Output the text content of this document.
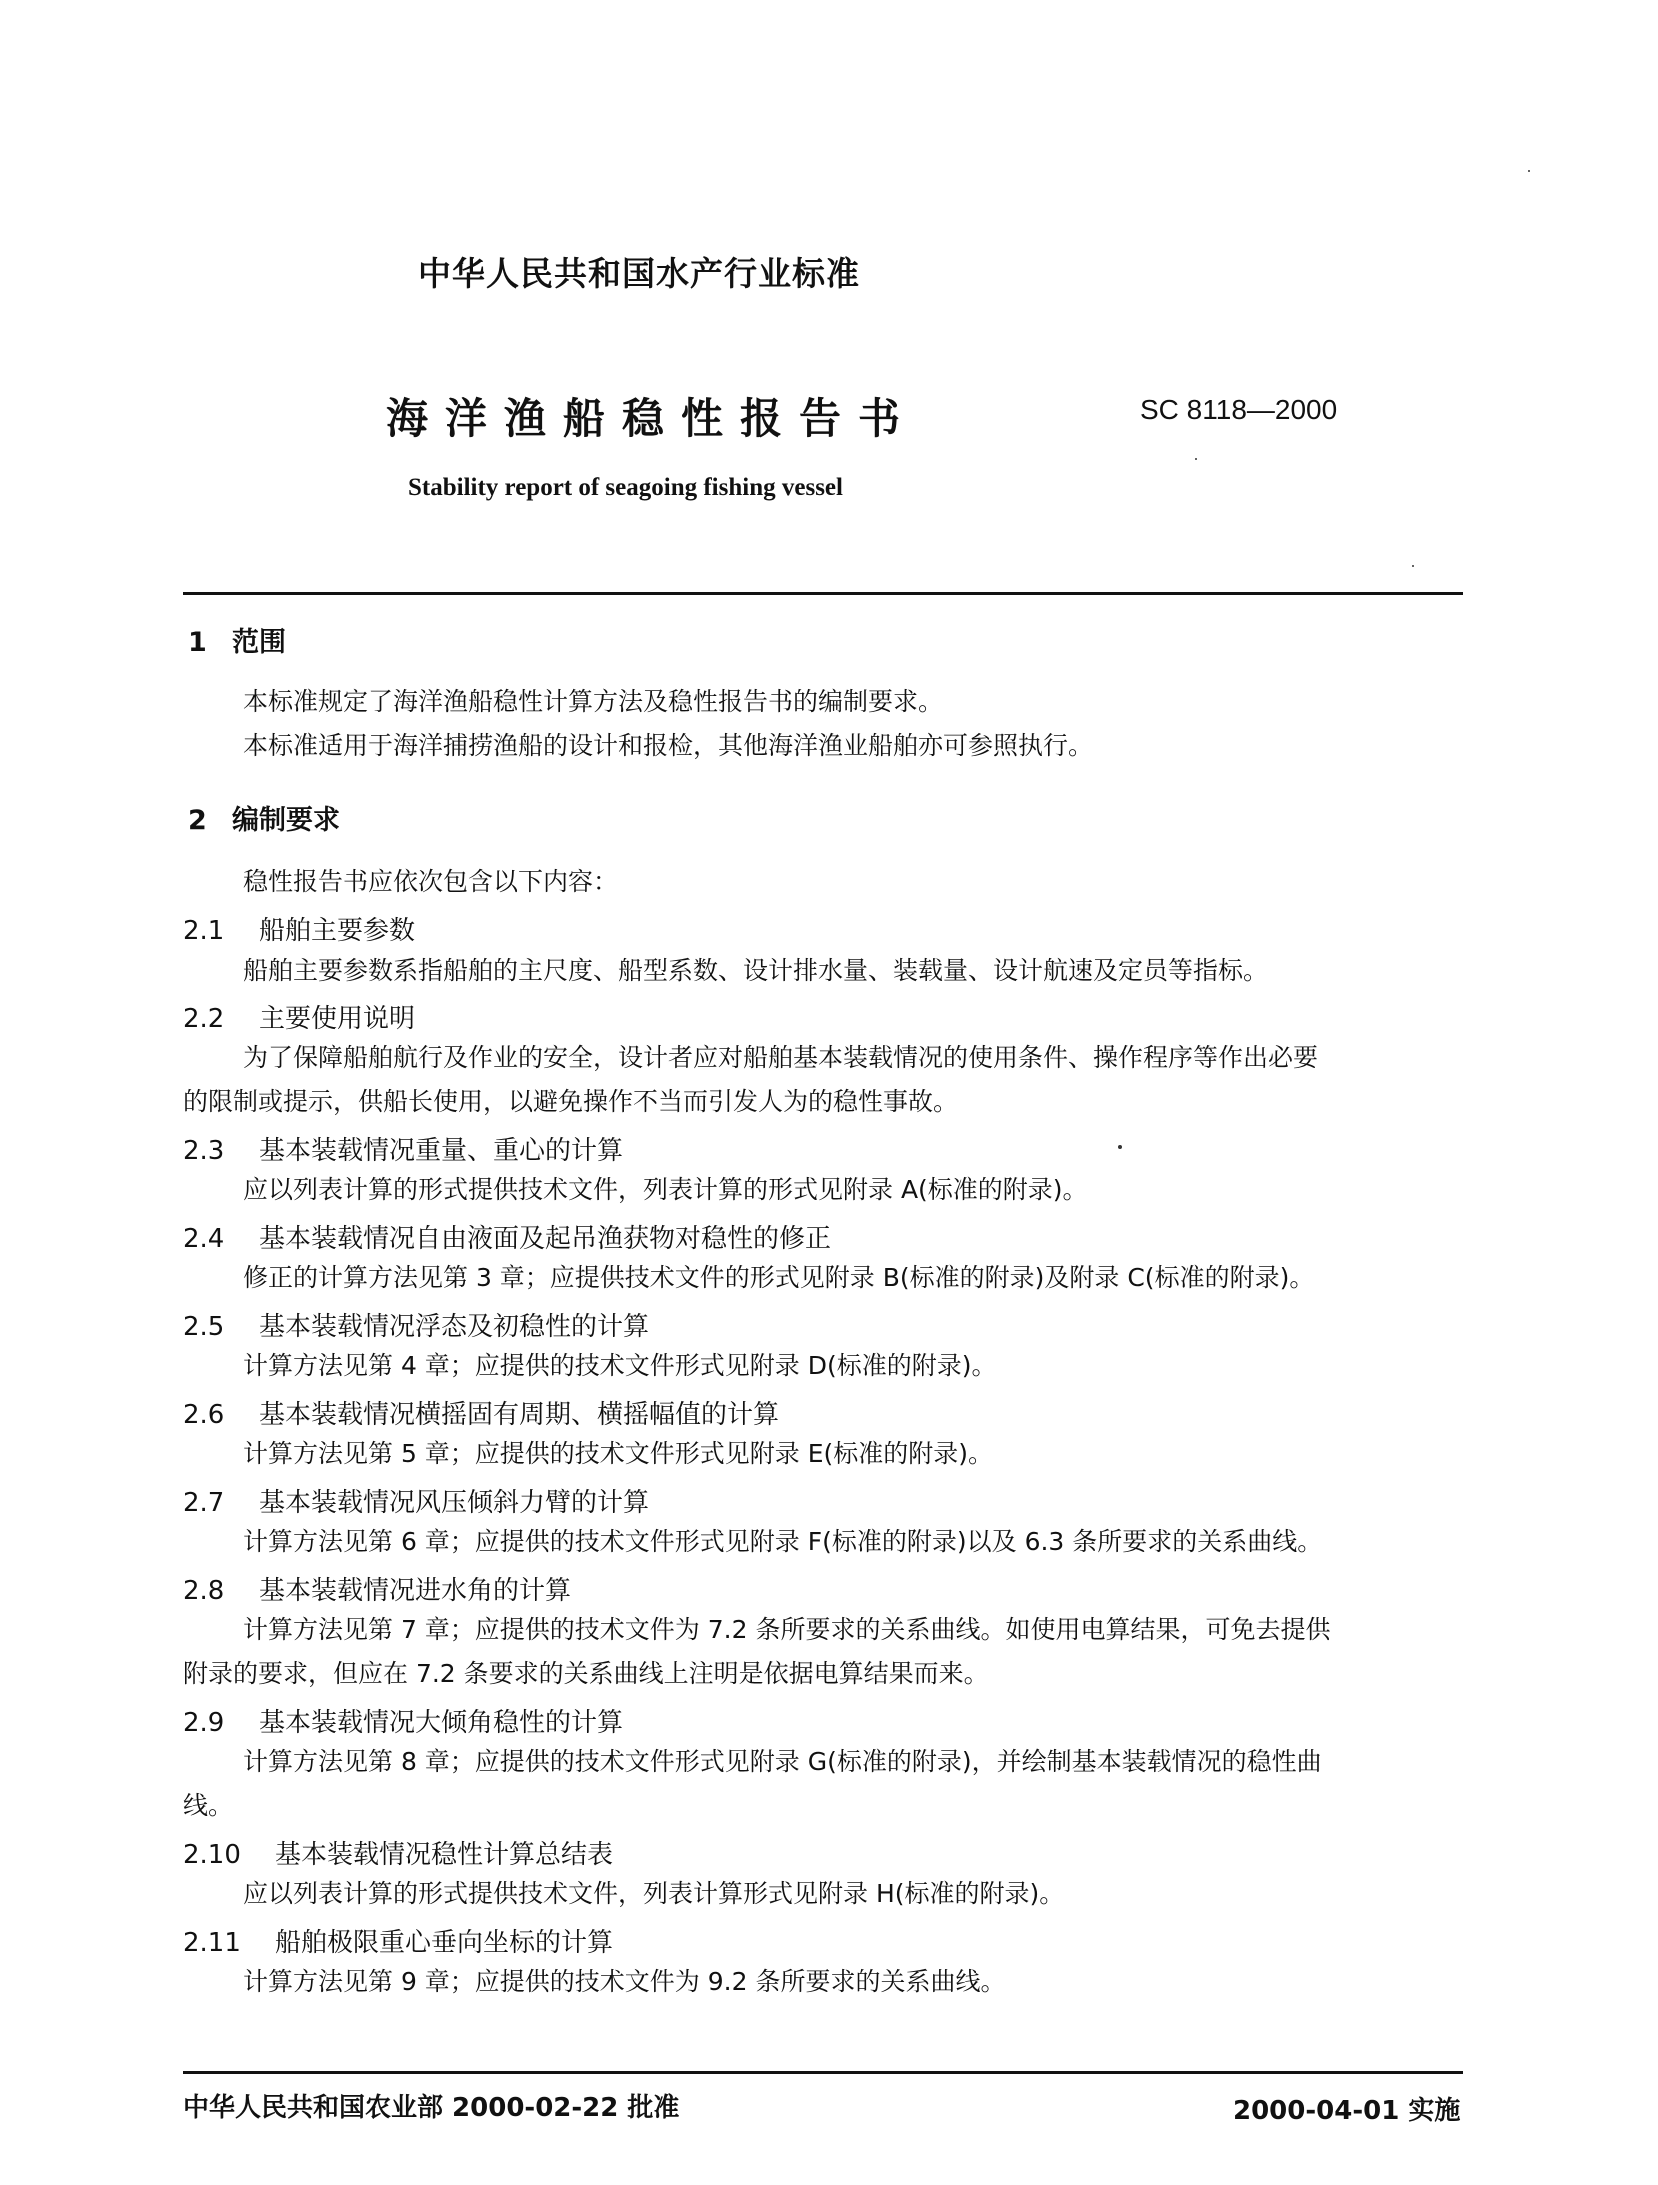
中华人民共和国水产行业标准
海洋渔船稳性报告书	SC 8118—2000
Stability report of seagoing fishing vessel
1 范围
本标准规定了海洋渔船稳性计算方法及稳性报告书的编制要求。
本标准适用于海洋捕捞渔船的设计和报检，其他海洋渔业船舶亦可参照执行。
2 编制要求
稳性报告书应依次包含以下内容：
2.1 船舶主要参数
船舶主要参数系指船舶的主尺度、船型系数、设计排水量、装载量、设计航速及定员等指标。
2.2 主要使用说明
为了保障船舶航行及作业的安全，设计者应对船舶基本装载情况的使用条件、操作程序等作出必要
的限制或提示，供船长使用，以避免操作不当而引发人为的稳性事故。
2.3 基本装载情况重量、重心的计算
应以列表计算的形式提供技术文件，列表计算的形式见附录 A(标准的附录)。
2.4 基本装载情况自由液面及起吊渔获物对稳性的修正
修正的计算方法见第 3 章；应提供技术文件的形式见附录 B(标准的附录)及附录 C(标准的附录)。
2.5 基本装载情况浮态及初稳性的计算
计算方法见第 4 章；应提供的技术文件形式见附录 D(标准的附录)。
2.6 基本装载情况横摇固有周期、横摇幅值的计算
计算方法见第 5 章；应提供的技术文件形式见附录 E(标准的附录)。
2.7 基本装载情况风压倾斜力臂的计算
计算方法见第 6 章；应提供的技术文件形式见附录 F(标准的附录)以及 6.3 条所要求的关系曲线。
2.8 基本装载情况进水角的计算
计算方法见第 7 章；应提供的技术文件为 7.2 条所要求的关系曲线。如使用电算结果，可免去提供
附录的要求，但应在 7.2 条要求的关系曲线上注明是依据电算结果而来。
2.9 基本装载情况大倾角稳性的计算
计算方法见第 8 章；应提供的技术文件形式见附录 G(标准的附录)，并绘制基本装载情况的稳性曲
线。
2.10 基本装载情况稳性计算总结表
应以列表计算的形式提供技术文件，列表计算形式见附录 H(标准的附录)。
2.11 船舶极限重心垂向坐标的计算
计算方法见第 9 章；应提供的技术文件为 9.2 条所要求的关系曲线。
中华人民共和国农业部 2000-02-22 批准	2000-04-01 实施
